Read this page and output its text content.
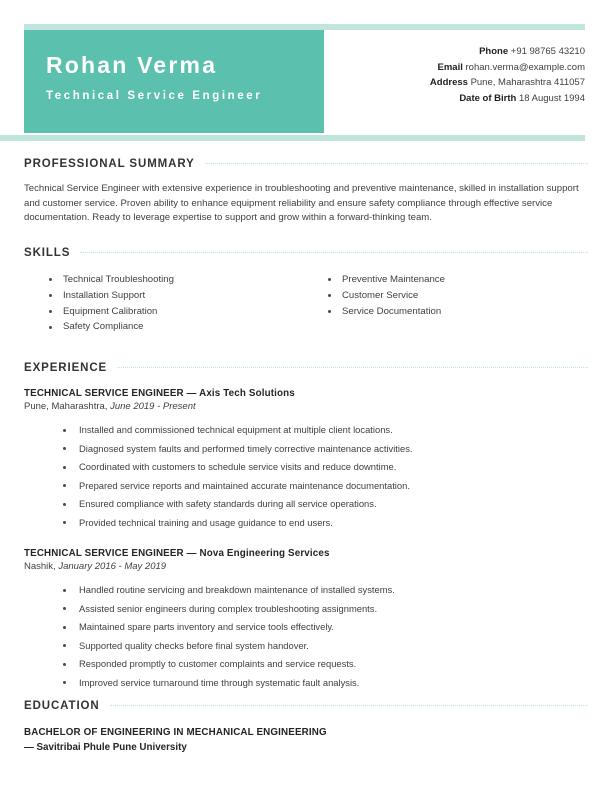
Rohan Verma
Technical Service Engineer
Phone +91 98765 43210
Email rohan.verma@example.com
Address Pune, Maharashtra 411057
Date of Birth 18 August 1994
PROFESSIONAL SUMMARY
Technical Service Engineer with extensive experience in troubleshooting and preventive maintenance, skilled in installation support and customer service. Proven ability to enhance equipment reliability and ensure safety compliance through effective service documentation. Ready to leverage expertise to support and grow within a forward-thinking team.
SKILLS
Technical Troubleshooting
Installation Support
Equipment Calibration
Safety Compliance
Preventive Maintenance
Customer Service
Service Documentation
EXPERIENCE
TECHNICAL SERVICE ENGINEER — Axis Tech Solutions
Pune, Maharashtra, June 2019 - Present
Installed and commissioned technical equipment at multiple client locations.
Diagnosed system faults and performed timely corrective maintenance activities.
Coordinated with customers to schedule service visits and reduce downtime.
Prepared service reports and maintained accurate maintenance documentation.
Ensured compliance with safety standards during all service operations.
Provided technical training and usage guidance to end users.
TECHNICAL SERVICE ENGINEER — Nova Engineering Services
Nashik, January 2016 - May 2019
Handled routine servicing and breakdown maintenance of installed systems.
Assisted senior engineers during complex troubleshooting assignments.
Maintained spare parts inventory and service tools effectively.
Supported quality checks before final system handover.
Responded promptly to customer complaints and service requests.
Improved service turnaround time through systematic fault analysis.
EDUCATION
BACHELOR OF ENGINEERING IN MECHANICAL ENGINEERING
— Savitribai Phule Pune University
